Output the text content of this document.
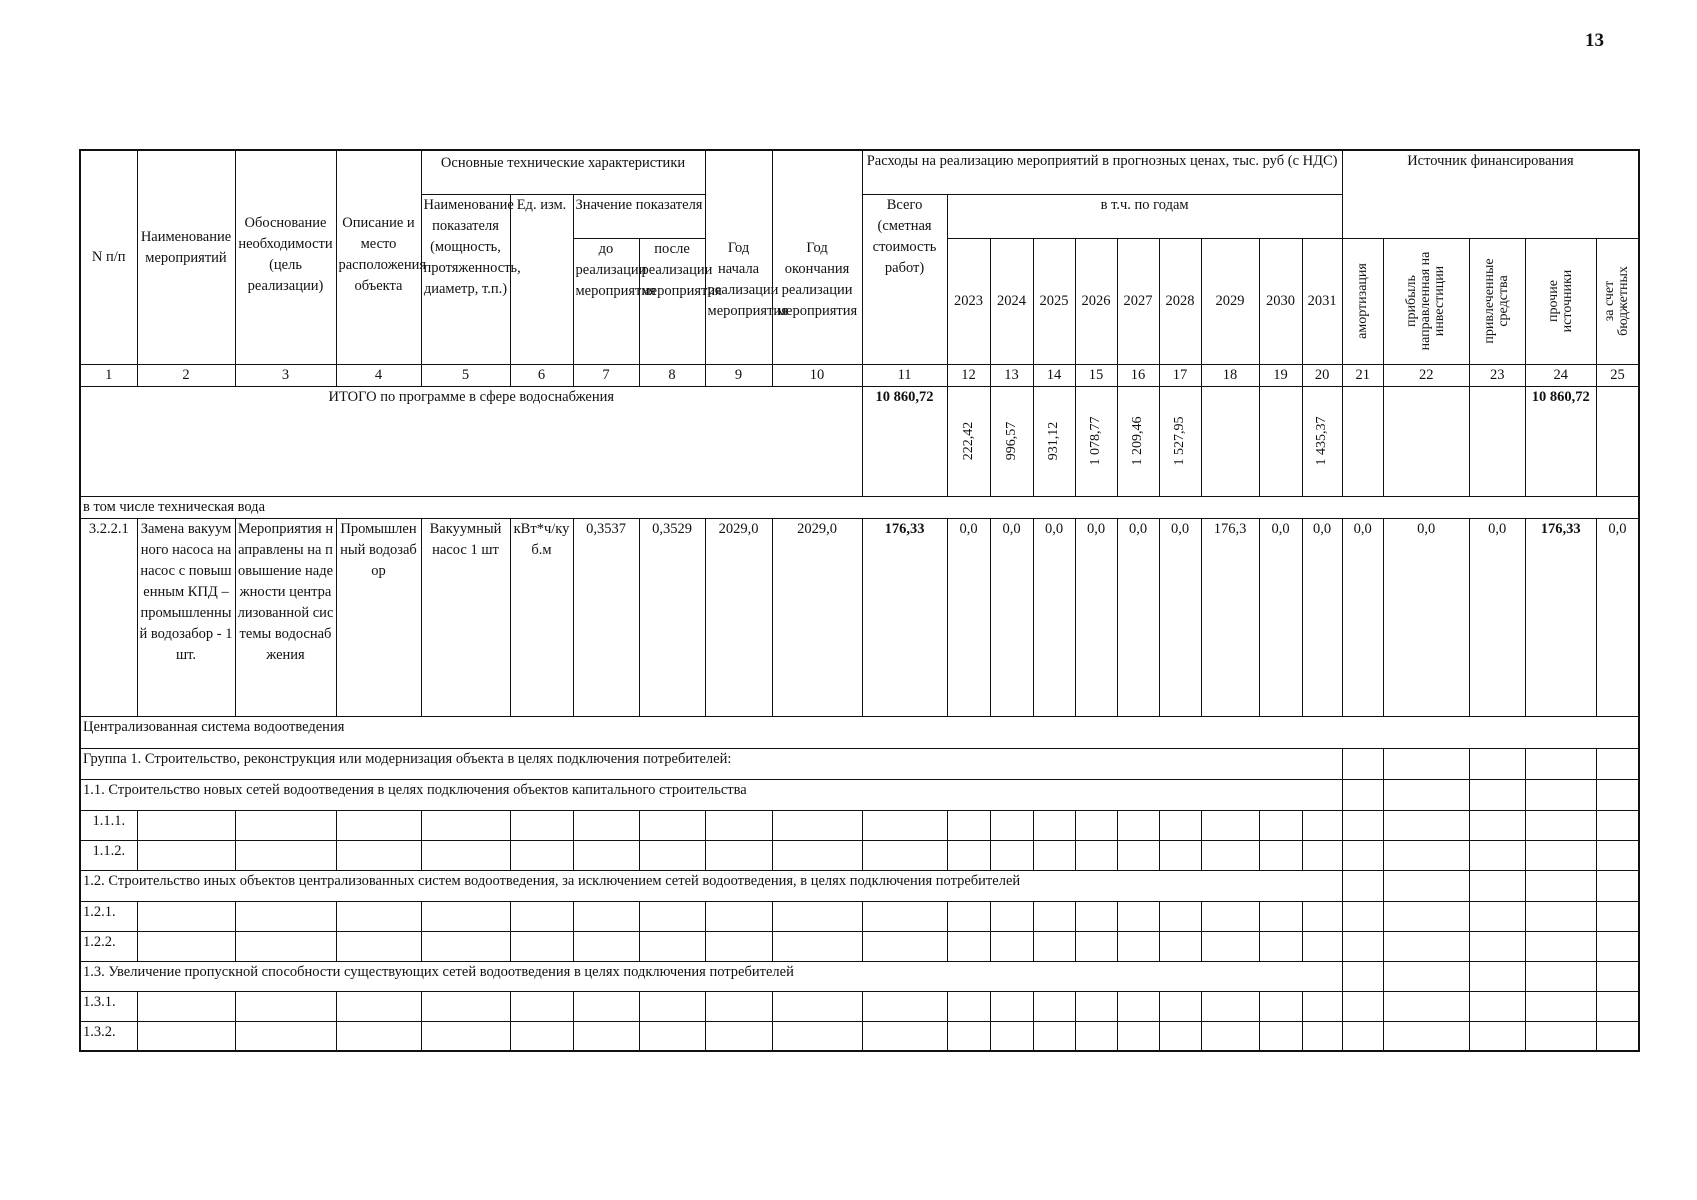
13
N п/п	Наименование мероприятий	Обоснование необходимости (цель реализации)	Описание и место расположения объекта	Основные технические характеристики						Расходы на реализацию мероприятий в прогнозных ценах, тыс. руб (с НДС)										Источник финансирования				
				Наименование показателя (мощность, протяженность, диаметр, т.п.)	Ед. изм.	Значение показателя				Всего (сметная стоимость работ)	в т.ч. по годам													
						до реализации мероприятия	после реализации мероприятия	Год начала реализации мероприятия	Год окончания реализации мероприятия		2023	2024	2025	2026	2027	2028	2029	2030	2031	амортизация	прибыль направленная на инвестиции	привлеченные средства	прочие источники	за счет бюджетных

1	2	3	4	5	6	7	8	9	10	11	12	13	14	15	16	17	18	19	20	21	22	23	24	25
ИТОГО по программе в сфере водоснабжения										10 860,72	222,42	996,57	931,12	1 078,77	1 209,46	1 527,95			1 435,37				10 860,72	
в том числе техническая вода																								
3.2.2.1	Замена вакуумного насоса на насос с повышенным КПД – промышленный водозабор - 1шт.	Мероприятия направлены на повышение надежности централизованной системы водоснабжения	Промышленный водозабор	Вакуумный насос 1 шт	кВт*ч/куб.м	0,3537	0,3529	2029,0	2029,0	176,33	0,0	0,0	0,0	0,0	0,0	0,0	176,3	0,0	0,0	0,0	0,0	0,0	176,33	0,0
Централизованная система водоотведения																								
Группа 1. Строительство, реконструкция или модернизация объекта в целях подключения потребителей:																								
1.1. Строительство новых сетей водоотведения в целях подключения объектов капитального строительства																								
1.1.1.																								
1.1.2.																								
1.2. Строительство иных объектов централизованных систем водоотведения, за исключением сетей водоотведения, в целях подключения потребителей																								
1.2.1.																								
1.2.2.																								
1.3. Увеличение пропускной способности существующих сетей водоотведения в целях подключения потребителей																								
1.3.1.																								
1.3.2.																								
